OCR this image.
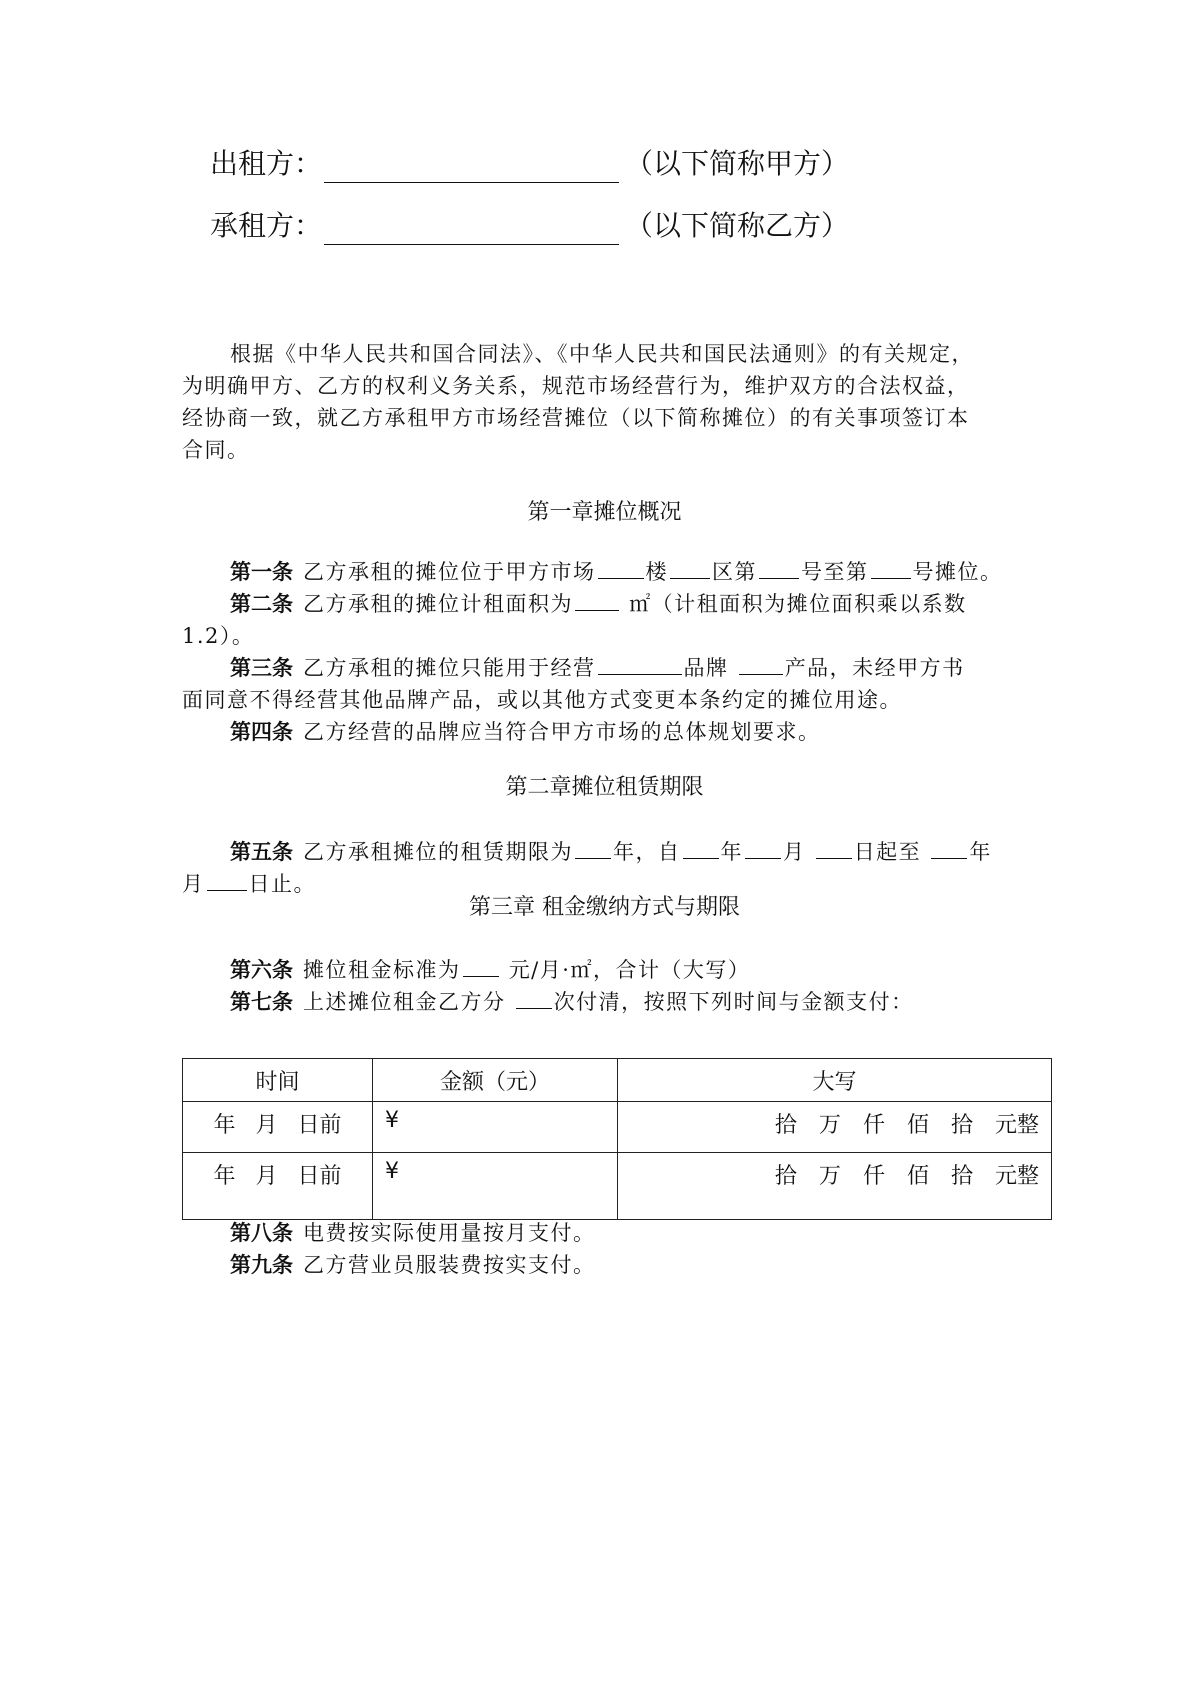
出租方：	（以下简称甲方）
承租方：	（以下简称乙方）
根据《中华人民共和国合同法》、《中华人民共和国民法通则》的有关规定，
为明确甲方、乙方的权利义务关系，规范市场经营行为，维护双方的合法权益，
经协商一致，就乙方承租甲方市场经营摊位（以下简称摊位）的有关事项签订本
合同。
第一章摊位概况
第一条 乙方承租的摊位位于甲方市场 楼 区第 号至第 号摊位。
第二条 乙方承租的摊位计租面积为	㎡（计租面积为摊位面积乘以系数
1.2）。
第三条 乙方承租的摊位只能用于经营	品牌	产品，未经甲方书
面同意不得经营其他品牌产品，或以其他方式变更本条约定的摊位用途。
第四条 乙方经营的品牌应当符合甲方市场的总体规划要求。
第二章摊位租赁期限
第五条 乙方承租摊位的租赁期限为 年，自 年 月 日起至 年
月 日止。
第三章 租金缴纳方式与期限
第六条 摊位租金标准为 元/月·㎡，合计（大写）
第七条 上述摊位租金乙方分 次付清，按照下列时间与金额支付：
时间	金额（元）	大写
年 月 日前	¥	拾 万 仟 佰 拾 元整
年 月 日前	¥	拾 万 仟 佰 拾 元整
第八条 电费按实际使用量按月支付。
第九条 乙方营业员服装费按实支付。
